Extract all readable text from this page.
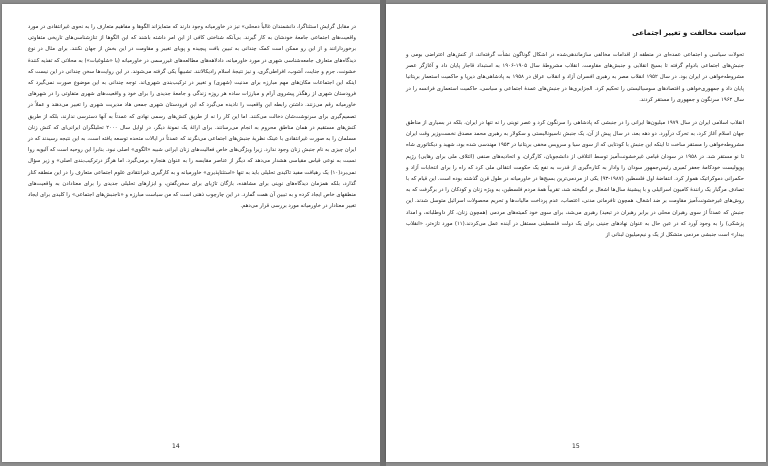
در مقابل گرایش استثناگرا، دانشمندان غالباً دمحلی» نیز در خاورمیانه وجود دارند که متمایزاند الگوها و مفاهیم متعارف را به نحوی غیرانتقادی در مورد واقعیت‌های اجتماعی جامعهٔ خودشان به کار گیرند. بی‌آنکه شناختی کافی از این امر داشته باشند که این الگوها از تنازشناسی‌های تاریخی متفاوتی برخوردارانند و از این رو ممکن است کمک چندانی به تبیین بافت پیچیده و پویای تغییر و مقاومت در این بخش از جهان نکنند. برای مثال در نوع دیدگاه‌های متعارف جامعه‌شناسی شهری در مورد خاورمیانه، دادلاهه‌های مطالعه‌های غیررسمی در خاورمیانه (یا «شلوغیات») به محلاتی که تفذیه کنندهٔ خشونت، جرم و جنایت، آشوب، افراطی‌گری، و نیز نتیجهٔ اسلام رادیکالانند. تشبیهاً یکی گرفته می‌شوند. در این روایت‌ها سخن چندانی در این نیست که اینکه این اجتماعات مکان‌های مهم مبارزه برای مدنیت (شهری) و تغییر در ترکیب‌بندی شهری‌اند. توجه چندانی به این موضوع صورت نمی‌گیرد که فرودستان شهری از رهگذر پیشروی آرام و مبارزات ساده هر روزه زندگی و جامعهٔ جدیدی را برای خود و واقعیت‌های شهری متفاوتی را در شهرهای خاورمیانه رقم می‌زنند. داشتن رابطه این واقعیت را نادیده می‌گیرد که این فرودستان شهری جمعی هاد مدیریت شهری را تغییر می‌دهند و عملاً در تصمیم‌گیری برای سرنوشت‌شان دخالت می‌کنند. اما این کار را نه از طریق کنش‌های رسمی نهادی که عمدتاً به آنها دسترسی ندارند، بلکه از طریق کنش‌های مستقیم در همان مناطق محروم به انجام می‌رسانند. برای ارائهٔ یک نمونهٔ دیگر، در اوایل سال ۲۰۰۰ تحلیلگران ایرانی‌ای که کنش زنان مسلمان را به صورت غیرانتقادی با عینک نظریهٔ جنبش‌های اجتماعی می‌نگرند که عمدتاً در ایالات متحده توسعه یافته است، به این نتیجه رسیدند که در ایران چیزی به نام جنبش زنان وجود ندارد. زیرا ویژگی‌های خاص فعالیت‌های زنان ایرانی شبیه «الگوی» اصلی نبود. بنابرا این روحیه است که آلیویه روا نسبت به نوعی قیاس مقیاسی هشدار می‌دهد که دیگر از عناصر مقایسه را به عنوان هنجاره برمی‌گیرد. اما هرگز درترکیب‌بندی اصلی» و زیر سؤال نمی‌برد(۱۰) یک رهیافت مفید تاکیدی تحلیلی باید به تنها «استثناپذیری» خاورمیانه و به کارگیری غیرانتقادی علوم اجتماعی متعارف را در این منطقه کنار گذارد، بلکه همزمان دیدگاه‌های نوینی برای مشاهده، بازگان تاژیای برای سخن‌گفتن، و ابزارهای تحلیلی جدیدی را برای معنادادن به واقعیت‌های منطقهای خاص ایجاد کرده و به تبیین آن همت گمارد. در این چارچوب ذهنی است که من سیاست مبارزه و «ناجنبش‌های اجتماعی» را کلیدی برای ایجاد تغییر معنادار در خاورمیانه مورد بررسی قرار می‌دهم.

14
سیاست مخالفت و تغییر اجتماعی

تحولات سیاسی و اجتماعی عمده‌ای در منطقه از اقدامات مخالفی سازماندهی‌شده در اشکال گوناگون نشأت گرفته‌اند، از کنش‌های اعتراضی بومی و جنبش‌های اجتماعی بادوام گرفته تا بسیج انقلابی و جنبش‌های مقاومت. انقلاب مشروطهٔ سال ۱۹۰۵-۱۹۰۶ به استبداد قاجار پایان داد و آغازگر عصر مشروطه‌خواهی در ایران بود. در سال ۱۹۵۲ انقلاب مصر به رهبری افسران آزاد و انقلاب عراق در ۱۹۵۸ به پادشاهی‌های دیرپا و حاکمیت استعمار بریتانیا پایان داد و جمهوری‌خواهی و اقتصادهای سوسیالیستی را تحکیم کرد. الجزایری‌ها در جنبش‌های عمدهٔ اجتماعی و سیاسی، حاکمیت استعماری فرانسه را در سال ۱۹۶۲ سرنگون و جمهوری را مستقر کردند.

انقلاب اسلامی ایران در سال ۱۹۷۹ میلیون‌ها ایرانی را در جنبشی که پادشاهی را سرنگون کرد و عصر نوینی را نه تنها در ایران، بلکه در بسیاری از مناطق جهان اسلام آغاز کرد، به تحرک درآورد. دو دهه بعد، در سال پیش از آن، یک جنبش ناسیونالیستی و سکولار به رهبری محمد مصدق نخست‌وزیر وقت ایران مشروطه‌خواهی را مستقر ساخت تا اینکه این جنبش با کودتایی که از سوی سیا و سرویس مخفی بریتانیا در ۱۹۵۳ مهندسی شده بود، شهید و دیکتاتوری شاه تا نو مستقر شد. در ۱۹۵۸ در سودان قیامی غیرخشونت‌آمیز توسط ائتلافی از دانشجویان، کارگران، و اتحادیه‌های صنفی (ائتلاف ملی برای رهایی) رژیم پوپولیست خودکامهٔ جعفر نُمیری رئیس‌جمهور سودان را وادار به کناره‌گیری از قدرت به نفع یک حکومت انتقالی ملی کرد که راه را برای انتخابات آزاد و حکمرانی دموکراتیک هموار کرد. انتفاضهٔ اول فلسطین (۱۹۸۷-۹۳) یکی از مردمی‌ترین بسیج‌ها در خاورمیانه در طول قرن گذشته بوده است. این قیام که با تصادف مرگبار یک رانندهٔ کامیون اسرائیلی و با پیشینهٔ سال‌ها اشغال بر انگیخته شد، تقریباً همهٔ مردم فلسطین، به ویژه زنان و کودکان را در برگرفت که به روش‌های غیرخشونت‌آمیز مقاومت بر ضد اشغال، همچون نافرمانی مدنی، اعتصاب، عدم پرداخت مالیات‌ها و تحریم محصولات اسرائیل متوسل شدند. این جنبش که عمدتاً از سوی رهبران محلی در برابر رهبران در تبعید) رهبری می‌شد، برای سوی خود کمیته‌های مردمی (همچون زنان، کار داوطلبانه، و امداد پزشکی) را به وجود آورد که در عین حال به عنوان نهادهای جنینی برای یک دولت فلسطینی مستقل در آینده عمل می‌کردند.(۱۱) مورد تازه‌تر، «انقلاب بیدار» است جنبشی مردمی متشکل از یک و نیم‌میلیون لبنانی از

15
